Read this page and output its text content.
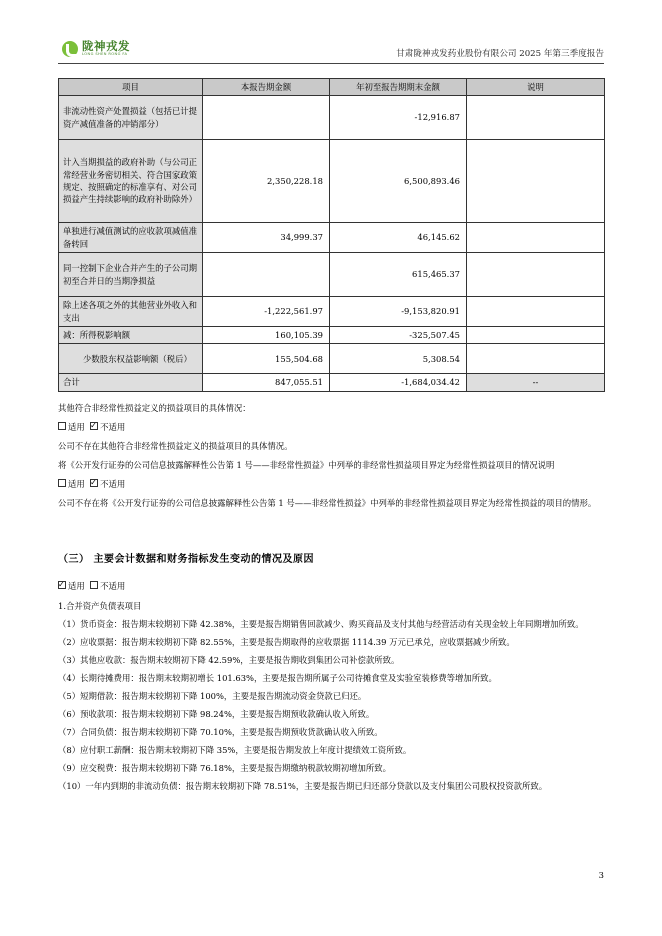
陇神戎发
LONG SHEN RONG FA	甘肃陇神戎发药业股份有限公司 2025 年第三季度报告
项目	本报告期金额	年初至报告期期末金额	说明
非流动性资产处置损益（包括已计提资产减值准备的冲销部分）		-12,916.87	
计入当期损益的政府补助（与公司正常经营业务密切相关、符合国家政策规定、按照确定的标准享有、对公司损益产生持续影响的政府补助除外）	2,350,228.18	6,500,893.46	
单独进行减值测试的应收款项减值准备转回	34,999.37	46,145.62	
同一控制下企业合并产生的子公司期初至合并日的当期净损益		615,465.37	
除上述各项之外的其他营业外收入和支出	-1,222,561.97	-9,153,820.91	
减：所得税影响额	160,105.39	-325,507.45	
少数股东权益影响额（税后）	155,504.68	5,308.54	
合计	847,055.51	-1,684,034.42	--

其他符合非经常性损益定义的损益项目的具体情况：

适用 ✓ 不适用

公司不存在其他符合非经常性损益定义的损益项目的具体情况。

将《公开发行证券的公司信息披露解释性公告第 1 号——非经常性损益》中列举的非经常性损益项目界定为经常性损益项目的情况说明

适用 ✓ 不适用

公司不存在将《公开发行证券的公司信息披露解释性公告第 1 号——非经常性损益》中列举的非经常性损益项目界定为经常性损益的项目的情形。

（三） 主要会计数据和财务指标发生变动的情况及原因

✓适用 不适用

1.合并资产负债表项目

（1）货币资金：报告期末较期初下降 42.38%，主要是报告期销售回款减少、购买商品及支付其他与经营活动有关现金较上年同期增加所致。

（2）应收票据：报告期末较期初下降 82.55%，主要是报告期取得的应收票据 1114.39 万元已承兑，应收票据减少所致。

（3）其他应收款：报告期末较期初下降 42.59%，主要是报告期收到集团公司补偿款所致。

（4）长期待摊费用：报告期末较期初增长 101.63%，主要是报告期所属子公司待摊食堂及实验室装修费等增加所致。

（5）短期借款：报告期末较期初下降 100%，主要是报告期流动资金贷款已归还。

（6）预收款项：报告期末较期初下降 98.24%，主要是报告期预收款确认收入所致。

（7）合同负债：报告期末较期初下降 70.10%，主要是报告期预收货款确认收入所致。

（8）应付职工薪酬：报告期末较期初下降 35%，主要是报告期发放上年度计提绩效工资所致。

（9）应交税费：报告期末较期初下降 76.18%，主要是报告期缴纳税款较期初增加所致。

（10）一年内到期的非流动负债：报告期末较期初下降 78.51%，主要是报告期已归还部分贷款以及支付集团公司股权投资款所致。

3
